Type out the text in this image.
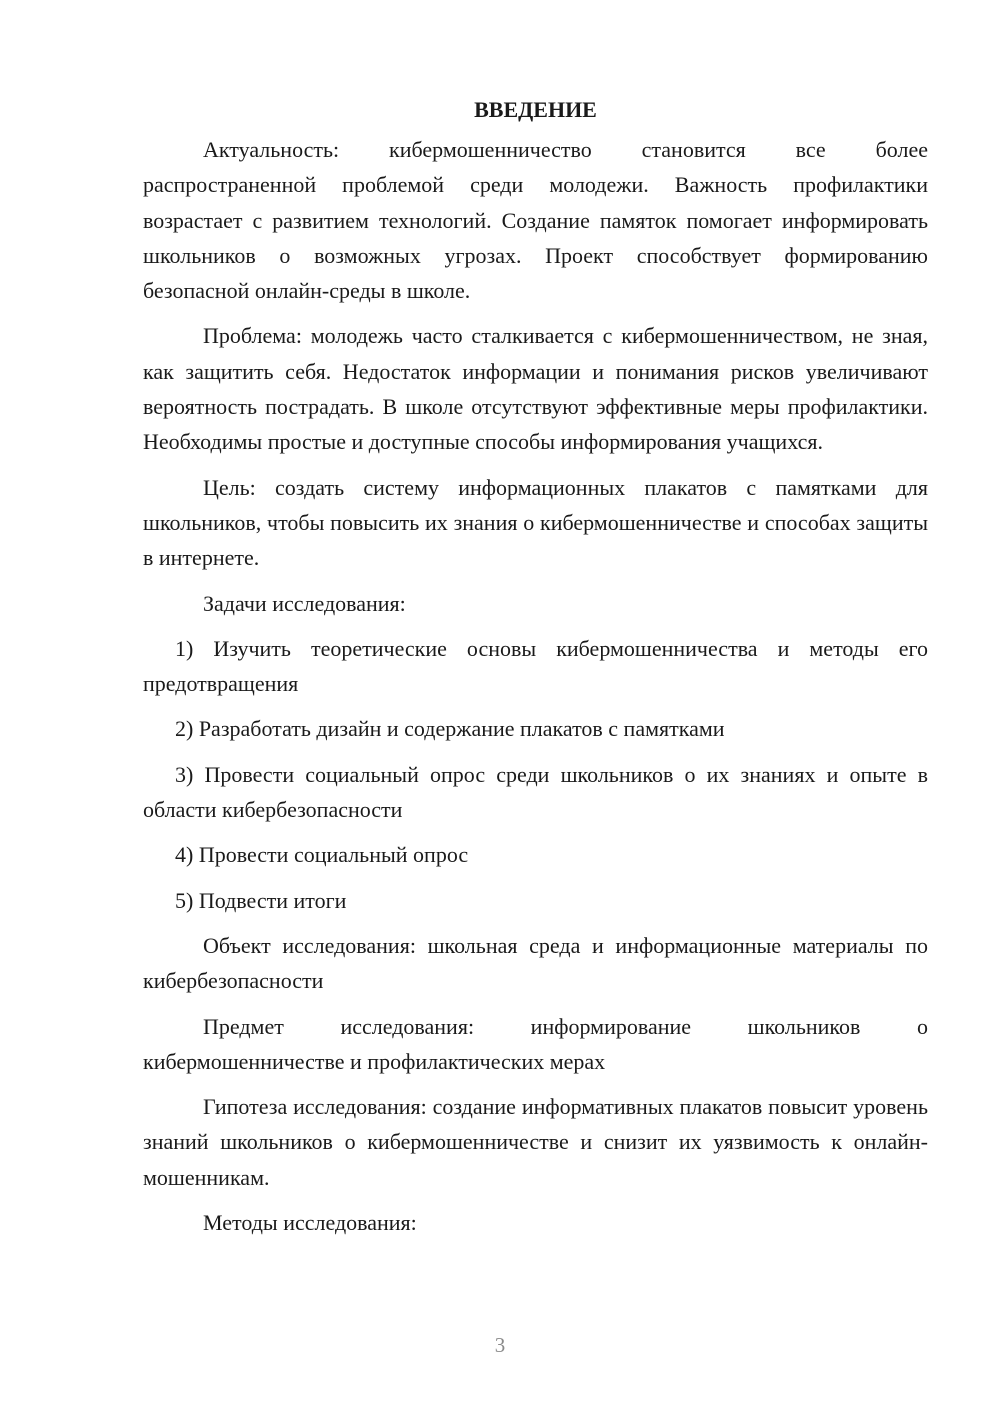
ВВЕДЕНИЕ

Актуальность: кибермошенничество становится все более распространенной проблемой среди молодежи. Важность профилактики возрастает с развитием технологий. Создание памяток помогает информировать школьников о возможных угрозах. Проект способствует формированию безопасной онлайн-среды в школе.

Проблема: молодежь часто сталкивается с кибермошенничеством, не зная, как защитить себя. Недостаток информации и понимания рисков увеличивают вероятность пострадать. В школе отсутствуют эффективные меры профилактики. Необходимы простые и доступные способы информирования учащихся.

Цель: создать систему информационных плакатов с памятками для школьников, чтобы повысить их знания о кибермошенничестве и способах защиты в интернете.

Задачи исследования:

1) Изучить теоретические основы кибермошенничества и методы его предотвращения

2) Разработать дизайн и содержание плакатов с памятками

3) Провести социальный опрос среди школьников о их знаниях и опыте в области кибербезопасности

4) Провести социальный опрос

5) Подвести итоги

Объект исследования: школьная среда и информационные материалы по кибербезопасности

Предмет исследования: информирование школьников о кибермошенничестве и профилактических мерах

Гипотеза исследования: создание информативных плакатов повысит уровень знаний школьников о кибермошенничестве и снизит их уязвимость к онлайн-мошенникам.

Методы исследования:

3
